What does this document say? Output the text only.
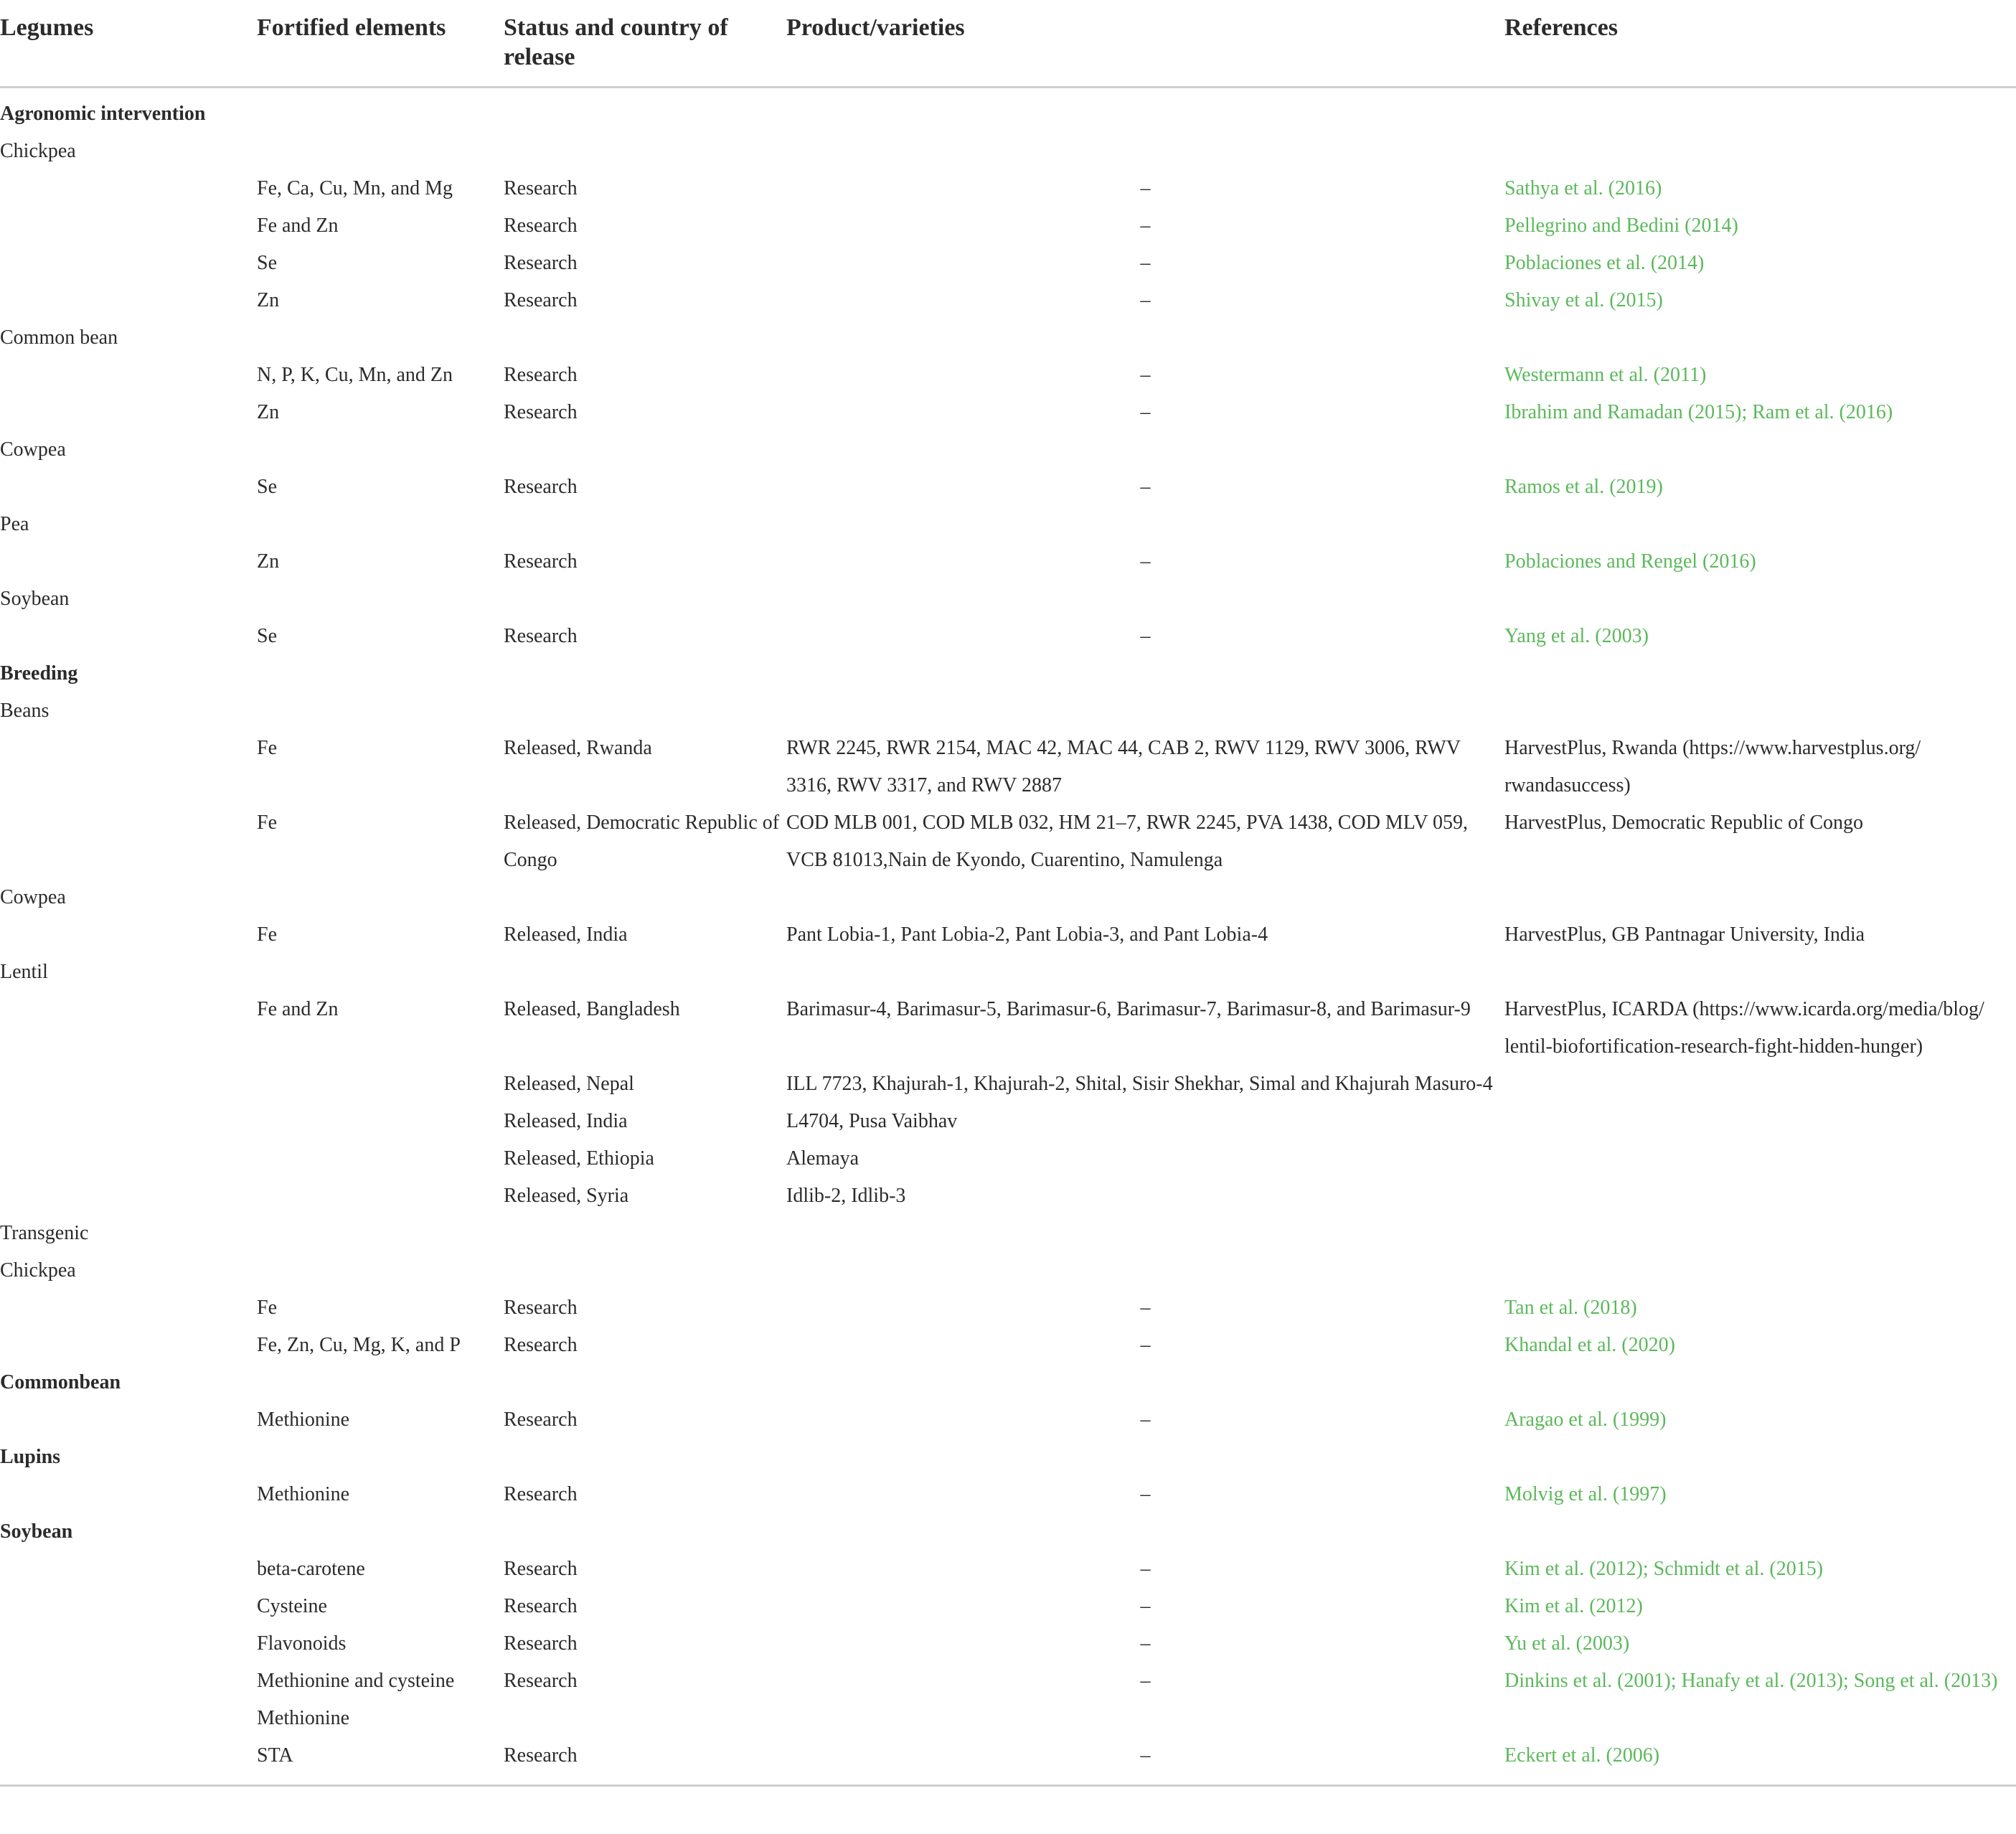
Legumes	Fortified elements	Status and country of release	Product/varieties	References
Agronomic intervention				
Chickpea				
	Fe, Ca, Cu, Mn, and Mg	Research	–	Sathya et al. (2016)
	Fe and Zn	Research	–	Pellegrino and Bedini (2014)
	Se	Research	–	Poblaciones et al. (2014)
	Zn	Research	–	Shivay et al. (2015)
Common bean				
	N, P, K, Cu, Mn, and Zn	Research	–	Westermann et al. (2011)
	Zn	Research	–	Ibrahim and Ramadan (2015); Ram et al. (2016)
Cowpea				
	Se	Research	–	Ramos et al. (2019)
Pea				
	Zn	Research	–	Poblaciones and Rengel (2016)
Soybean				
	Se	Research	–	Yang et al. (2003)
Breeding				
Beans				
	Fe	Released, Rwanda	RWR 2245, RWR 2154, MAC 42, MAC 44, CAB 2, RWV 1129, RWV 3006, RWV 3316, RWV 3317, and RWV 2887	HarvestPlus, Rwanda (https://www.harvestplus.org/ rwandasuccess)
	Fe	Released, Democratic Republic of Congo	COD MLB 001, COD MLB 032, HM 21–7, RWR 2245, PVA 1438, COD MLV 059, VCB 81013,Nain de Kyondo, Cuarentino, Namulenga	HarvestPlus, Democratic Republic of Congo
Cowpea				
	Fe	Released, India	Pant Lobia-1, Pant Lobia-2, Pant Lobia-3, and Pant Lobia-4	HarvestPlus, GB Pantnagar University, India
Lentil				
	Fe and Zn	Released, Bangladesh	Barimasur-4, Barimasur-5, Barimasur-6, Barimasur-7, Barimasur-8, and Barimasur-9	HarvestPlus, ICARDA (https://www.icarda.org/media/blog/ lentil-biofortification-research-fight-hidden-hunger)
		Released, Nepal	ILL 7723, Khajurah-1, Khajurah-2, Shital, Sisir Shekhar, Simal and Khajurah Masuro-4	
		Released, India	L4704, Pusa Vaibhav	
		Released, Ethiopia	Alemaya	
		Released, Syria	Idlib-2, Idlib-3	
Transgenic				
Chickpea				
	Fe	Research	–	Tan et al. (2018)
	Fe, Zn, Cu, Mg, K, and P	Research	–	Khandal et al. (2020)
Commonbean				
	Methionine	Research	–	Aragao et al. (1999)
Lupins				
	Methionine	Research	–	Molvig et al. (1997)
Soybean				
	beta-carotene	Research	–	Kim et al. (2012); Schmidt et al. (2015)
	Cysteine	Research	–	Kim et al. (2012)
	Flavonoids	Research	–	Yu et al. (2003)
	Methionine and cysteine	Research	–	Dinkins et al. (2001); Hanafy et al. (2013); Song et al. (2013)
	Methionine			
	STA	Research	–	Eckert et al. (2006)
